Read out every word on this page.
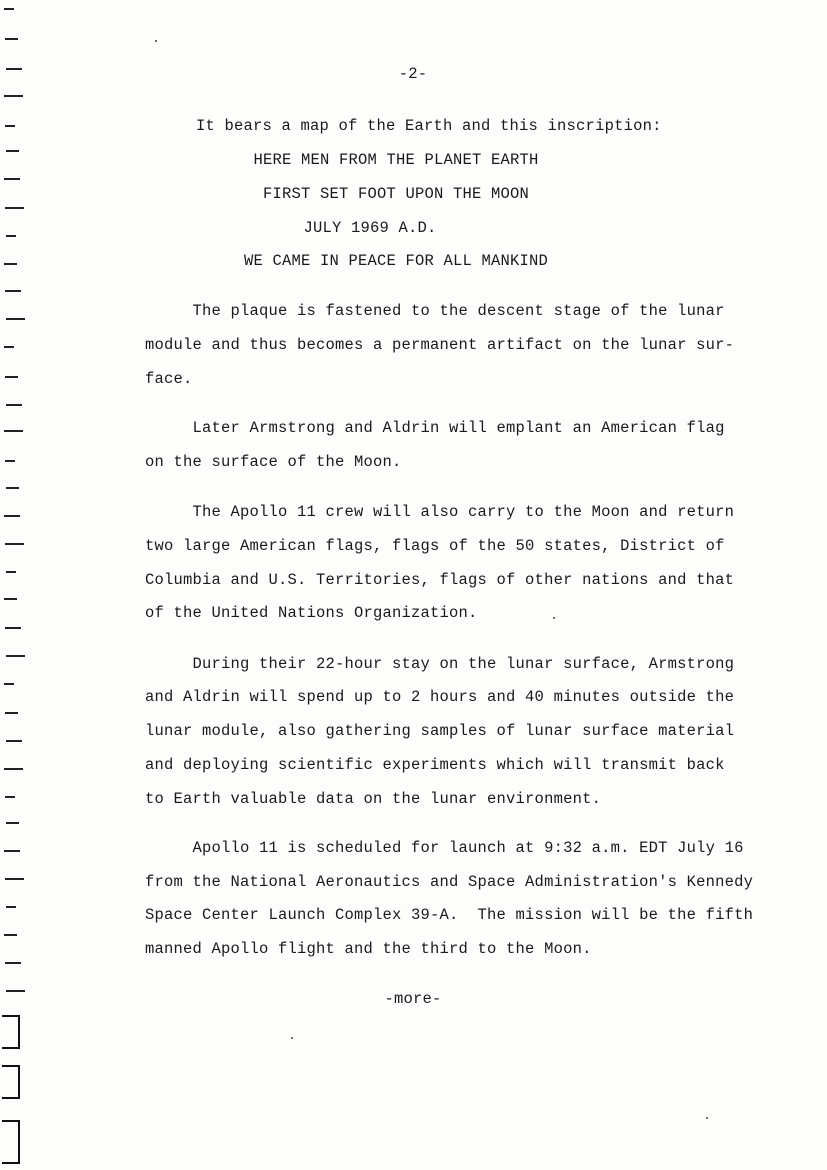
-2-
It bears a map of the Earth and this inscription:
HERE MEN FROM THE PLANET EARTH
FIRST SET FOOT UPON THE MOON
JULY 1969 A.D.
WE CAME IN PEACE FOR ALL MANKIND
The plaque is fastened to the descent stage of the lunar
module and thus becomes a permanent artifact on the lunar sur-
face.
Later Armstrong and Aldrin will emplant an American flag
on the surface of the Moon.
The Apollo 11 crew will also carry to the Moon and return
two large American flags, flags of the 50 states, District of
Columbia and U.S. Territories, flags of other nations and that
of the United Nations Organization.
During their 22-hour stay on the lunar surface, Armstrong
and Aldrin will spend up to 2 hours and 40 minutes outside the
lunar module, also gathering samples of lunar surface material
and deploying scientific experiments which will transmit back
to Earth valuable data on the lunar environment.
Apollo 11 is scheduled for launch at 9:32 a.m. EDT July 16
from the National Aeronautics and Space Administration's Kennedy
Space Center Launch Complex 39-A.  The mission will be the fifth
manned Apollo flight and the third to the Moon.
-more-
